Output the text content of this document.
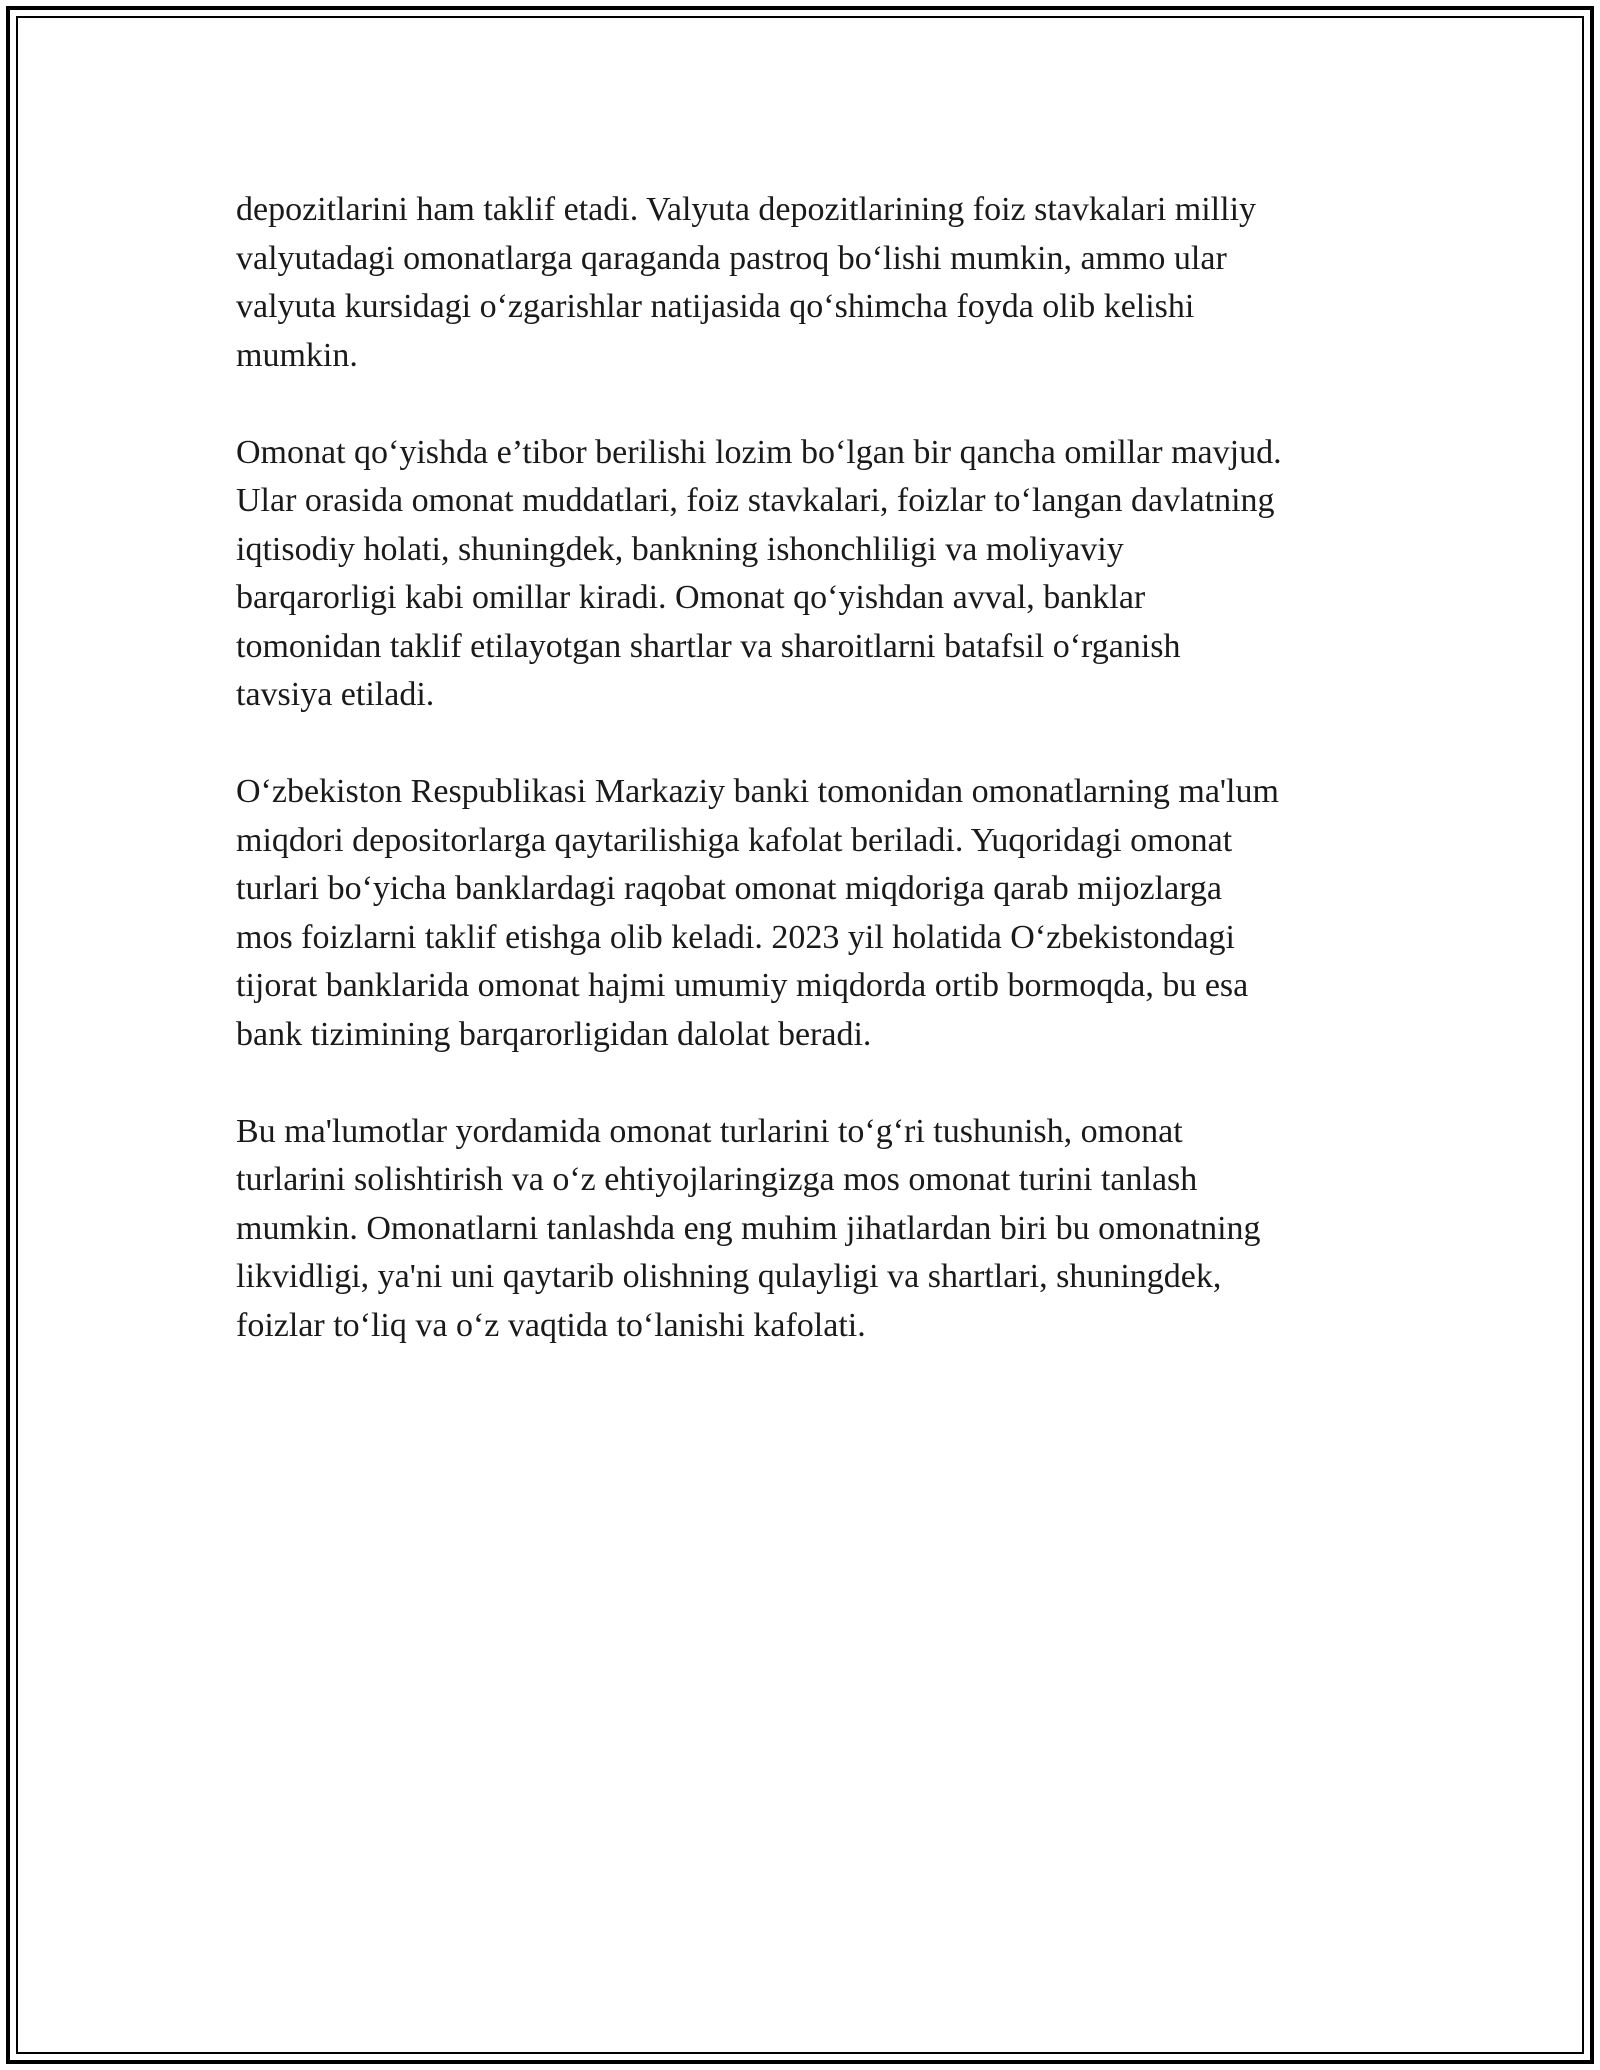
depozitlarini ham taklif etadi. Valyuta depozitlarining foiz stavkalari milliy
valyutadagi omonatlarga qaraganda pastroq bo‘lishi mumkin, ammo ular
valyuta kursidagi o‘zgarishlar natijasida qo‘shimcha foyda olib kelishi
mumkin.

Omonat qo‘yishda e’tibor berilishi lozim bo‘lgan bir qancha omillar mavjud.
Ular orasida omonat muddatlari, foiz stavkalari, foizlar to‘langan davlatning
iqtisodiy holati, shuningdek, bankning ishonchliligi va moliyaviy
barqarorligi kabi omillar kiradi. Omonat qo‘yishdan avval, banklar
tomonidan taklif etilayotgan shartlar va sharoitlarni batafsil o‘rganish
tavsiya etiladi.

O‘zbekiston Respublikasi Markaziy banki tomonidan omonatlarning ma'lum
miqdori depositorlarga qaytarilishiga kafolat beriladi. Yuqoridagi omonat
turlari bo‘yicha banklardagi raqobat omonat miqdoriga qarab mijozlarga
mos foizlarni taklif etishga olib keladi. 2023 yil holatida O‘zbekistondagi
tijorat banklarida omonat hajmi umumiy miqdorda ortib bormoqda, bu esa
bank tizimining barqarorligidan dalolat beradi.

Bu ma'lumotlar yordamida omonat turlarini to‘g‘ri tushunish, omonat
turlarini solishtirish va o‘z ehtiyojlaringizga mos omonat turini tanlash
mumkin. Omonatlarni tanlashda eng muhim jihatlardan biri bu omonatning
likvidligi, ya'ni uni qaytarib olishning qulayligi va shartlari, shuningdek,
foizlar to‘liq va o‘z vaqtida to‘lanishi kafolati.
